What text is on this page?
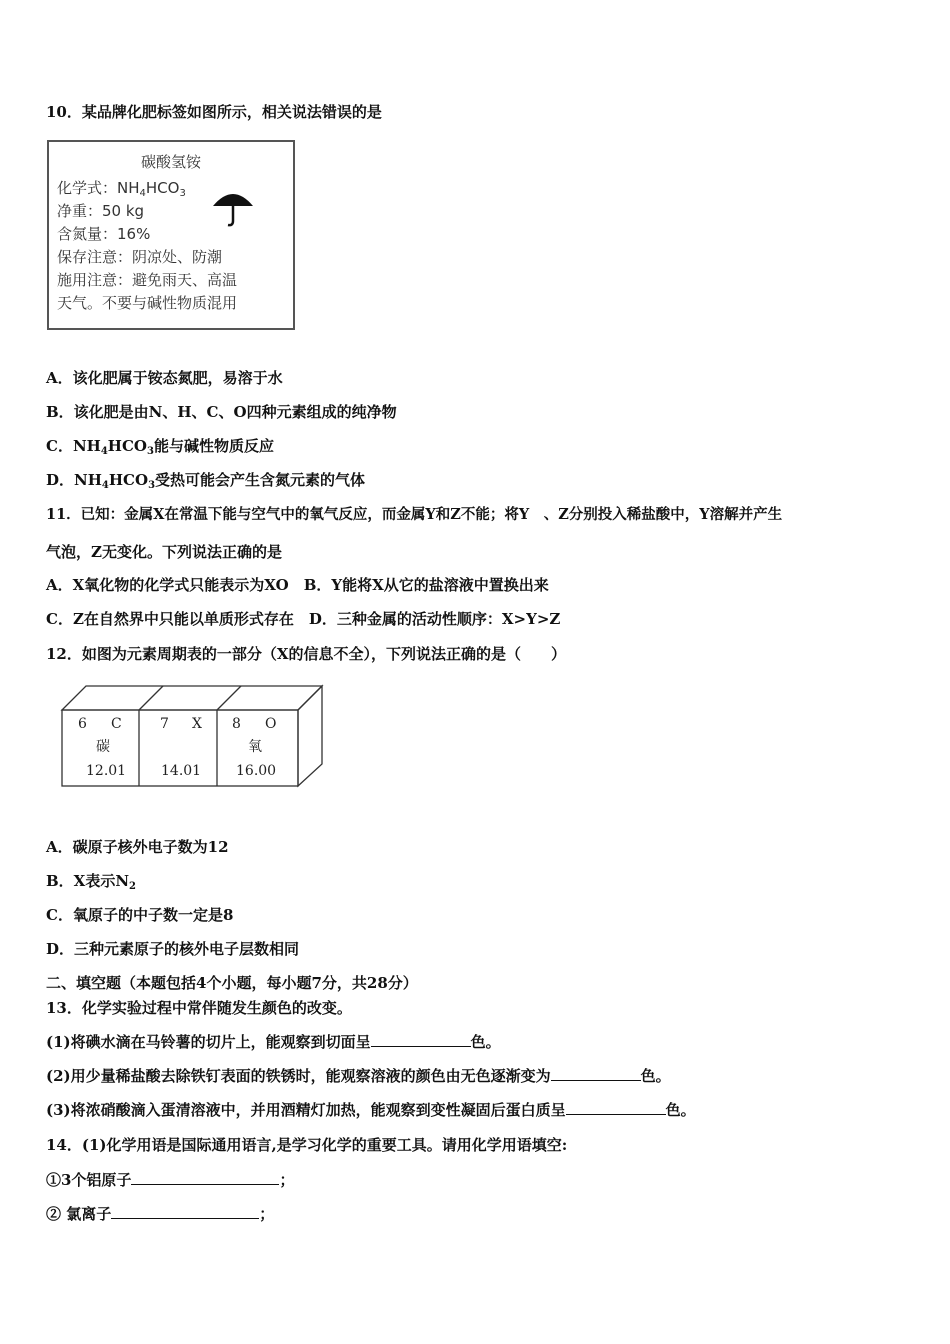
10．某品牌化肥标签如图所示，相关说法错误的是
碳酸氢铵
化学式：$NH_4HCO_3$
净重：50 kg
含氮量：16%
保存注意：阴凉处、防潮
施用注意：避免雨天、高温
天气。不要与碱性物质混用
A．该化肥属于铵态氮肥，易溶于水
B．该化肥是由N、H、C、O四种元素组成的纯净物
C．$NH_4HCO_3$能与碱性物质反应
D．$NH_4HCO_3$受热可能会产生含氮元素的气体
11．已知：金属X在常温下能与空气中的氧气反应，而金属Y和Z不能；将Y　、Z分别投入稀盐酸中，Y溶解并产生
气泡，Z无变化。下列说法正确的是
A．X氧化物的化学式只能表示为XO　B．Y能将X从它的盐溶液中置换出来
C．Z在自然界中只能以单质形式存在　D．三种金属的活动性顺序：X>Y>Z
12．如图为元素周期表的一部分（X的信息不全），下列说法正确的是（　　）
6 C
碳
12.01
7 X
14.01
8 O
氧
16.00
A．碳原子核外电子数为12
B．X表示$N_2$
C．氧原子的中子数一定是8
D．三种元素原子的核外电子层数相同
二、填空题（本题包括4个小题，每小题7分，共28分）
13．化学实验过程中常伴随发生颜色的改变。
(1)将碘水滴在马铃薯的切片上，能观察到切面呈	色。
(2)用少量稀盐酸去除铁钉表面的铁锈时，能观察溶液的颜色由无色逐渐变为	色。
(3)将浓硝酸滴入蛋清溶液中，并用酒精灯加热，能观察到变性凝固后蛋白质呈	色。
14．(1)化学用语是国际通用语言,是学习化学的重要工具。请用化学用语填空:
①3个铝原子	；
② 氯离子	；
